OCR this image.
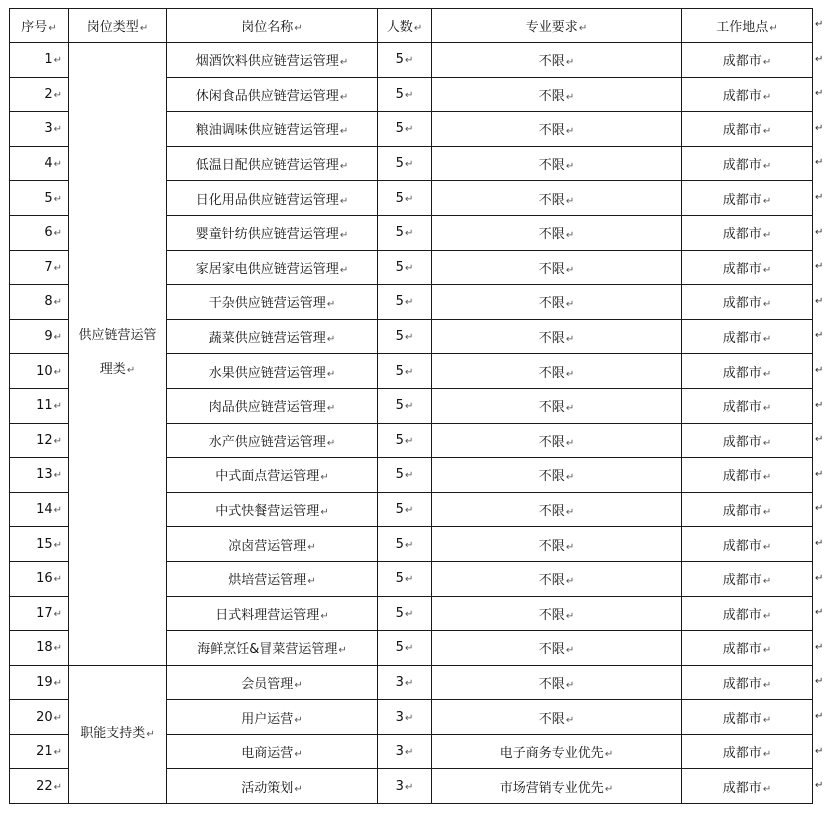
序号↵	岗位类型↵	岗位名称↵	人数↵	专业要求↵	工作地点↵
1↵	供应链营运管理类↵	烟酒饮料供应链营运管理↵	5↵	不限↵	成都市↵
2↵		休闲食品供应链营运管理↵	5↵	不限↵	成都市↵
3↵		粮油调味供应链营运管理↵	5↵	不限↵	成都市↵
4↵		低温日配供应链营运管理↵	5↵	不限↵	成都市↵
5↵		日化用品供应链营运管理↵	5↵	不限↵	成都市↵
6↵		婴童针纺供应链营运管理↵	5↵	不限↵	成都市↵
7↵		家居家电供应链营运管理↵	5↵	不限↵	成都市↵
8↵		干杂供应链营运管理↵	5↵	不限↵	成都市↵
9↵		蔬菜供应链营运管理↵	5↵	不限↵	成都市↵
10↵		水果供应链营运管理↵	5↵	不限↵	成都市↵
11↵		肉品供应链营运管理↵	5↵	不限↵	成都市↵
12↵		水产供应链营运管理↵	5↵	不限↵	成都市↵
13↵		中式面点营运管理↵	5↵	不限↵	成都市↵
14↵		中式快餐营运管理↵	5↵	不限↵	成都市↵
15↵		凉卤营运管理↵	5↵	不限↵	成都市↵
16↵		烘培营运管理↵	5↵	不限↵	成都市↵
17↵		日式料理营运管理↵	5↵	不限↵	成都市↵
18↵		海鲜烹饪&冒菜营运管理↵	5↵	不限↵	成都市↵
19↵	职能支持类↵	会员管理↵	3↵	不限↵	成都市↵
20↵		用户运营↵	3↵	不限↵	成都市↵
21↵		电商运营↵	3↵	电子商务专业优先↵	成都市↵
22↵		活动策划↵	3↵	市场营销专业优先↵	成都市↵
↵
↵
↵
↵
↵
↵
↵
↵
↵
↵
↵
↵
↵
↵
↵
↵
↵
↵
↵
↵
↵
↵
↵
